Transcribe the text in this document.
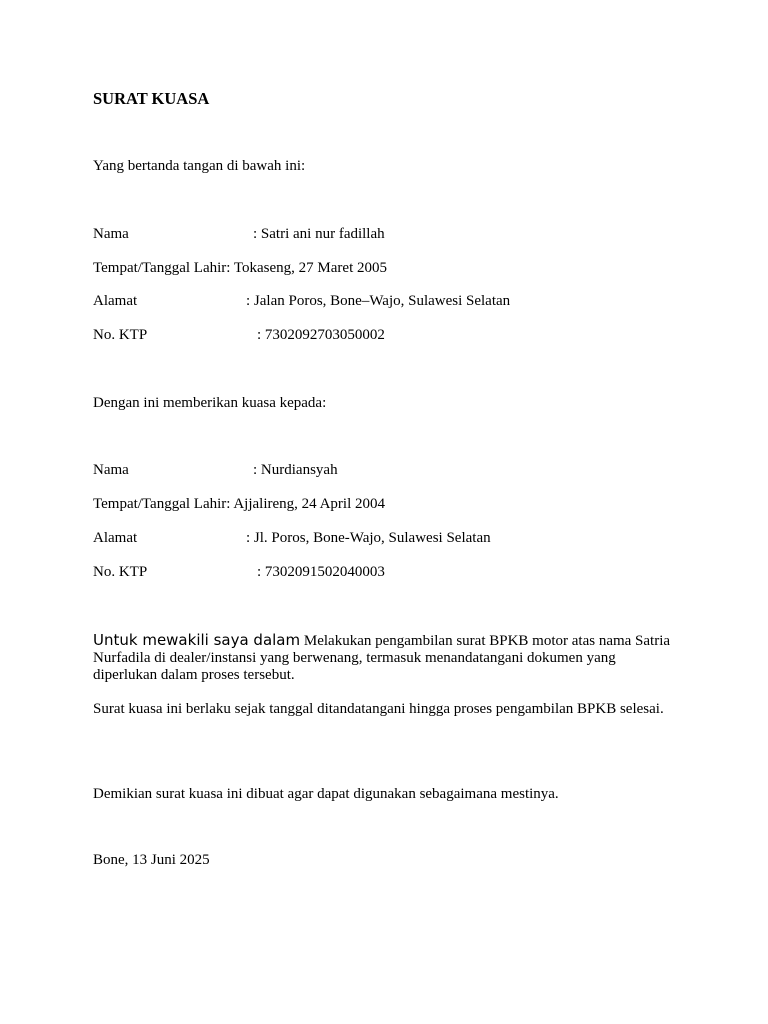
SURAT KUASA
Yang bertanda tangan di bawah ini:
Nama	: Satri ani nur fadillah
Tempat/Tanggal Lahir: Tokaseng, 27 Maret 2005
Alamat	: Jalan Poros, Bone–Wajo, Sulawesi Selatan
No. KTP	: 7302092703050002
Dengan ini memberikan kuasa kepada:
Nama	: Nurdiansyah
Tempat/Tanggal Lahir: Ajjalireng, 24 April 2004
Alamat	: Jl. Poros, Bone-Wajo, Sulawesi Selatan
No. KTP	: 7302091502040003
Untuk mewakili saya dalam Melakukan pengambilan surat BPKB motor atas nama Satria Nurfadila di dealer/instansi yang berwenang, termasuk menandatangani dokumen yang diperlukan dalam proses tersebut.
Surat kuasa ini berlaku sejak tanggal ditandatangani hingga proses pengambilan BPKB selesai.
Demikian surat kuasa ini dibuat agar dapat digunakan sebagaimana mestinya.
Bone, 13 Juni 2025
